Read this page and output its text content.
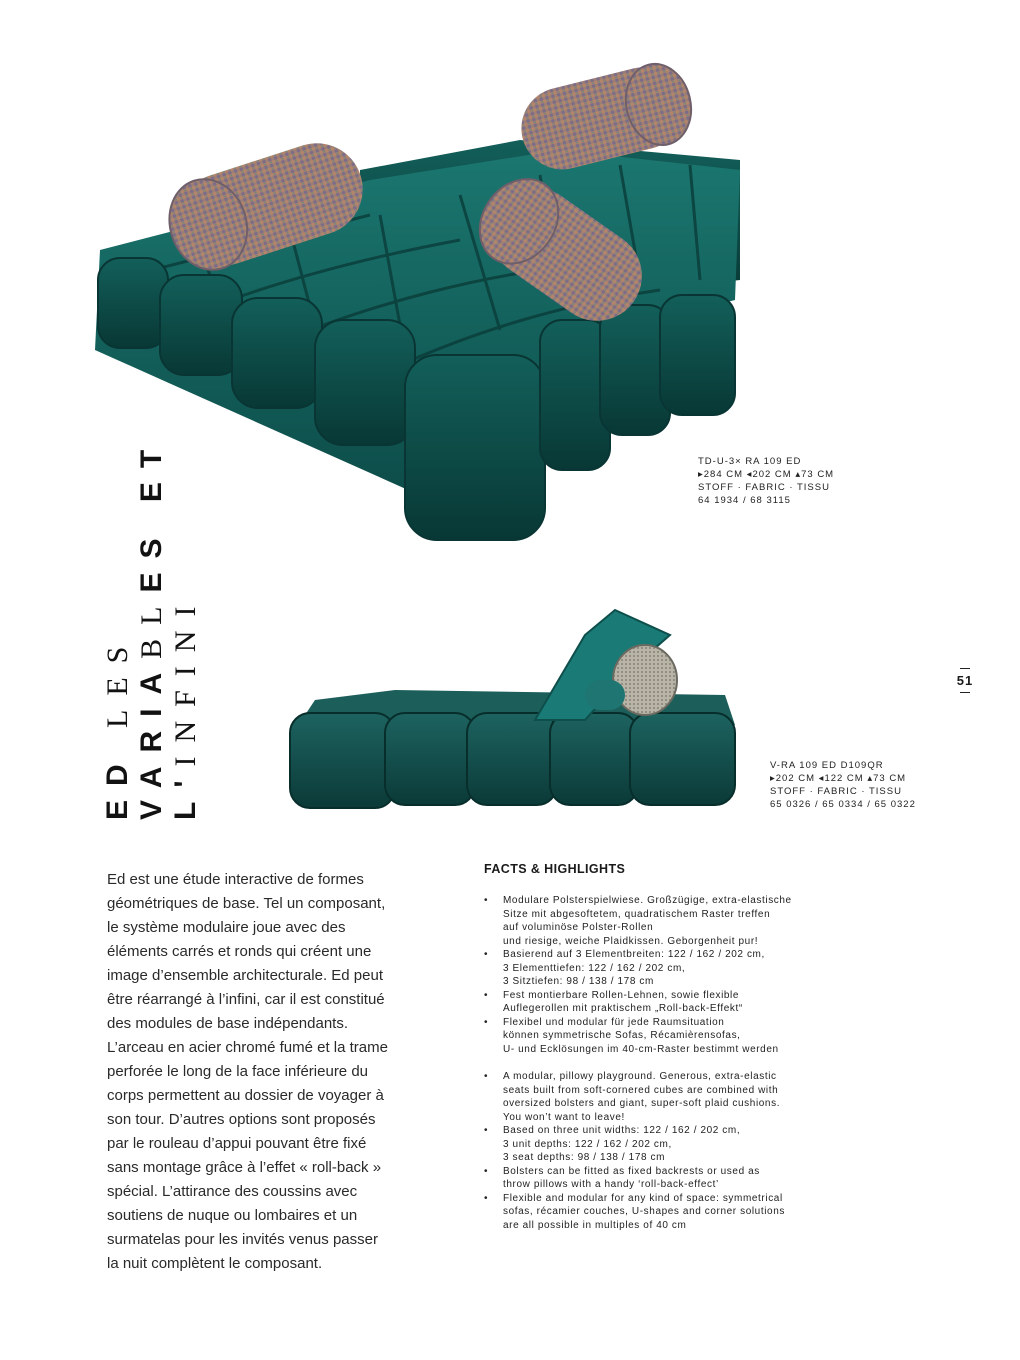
ED LES VARIABLES ET
L'INFINI
TD-U-3× RA 109 ED
▸284 CM ◂202 CM ▴73 CM
STOFF · FABRIC · TISSU
64 1934 / 68 3115
V-RA 109 ED D109QR
▸202 CM ◂122 CM ▴73 CM
STOFF · FABRIC · TISSU
65 0326 / 65 0334 / 65 0322
51
Ed est une étude interactive de formes
géométriques de base. Tel un composant,
le système modulaire joue avec des
éléments carrés et ronds qui créent une
image d’ensemble architecturale. Ed peut
être réarrangé à l’infini, car il est constitué
des modules de base indépendants.
L’arceau en acier chromé fumé et la trame
perforée le long de la face inférieure du
corps permettent au dossier de voyager à
son tour. D’autres options sont proposés
par le rouleau d’appui pouvant être fixé
sans montage grâce à l’effet « roll-back »
spécial. L’attirance des coussins avec
soutiens de nuque ou lombaires et un
surmatelas pour les invités venus passer
la nuit complètent le composant.
FACTS & HIGHLIGHTS
• Modulare Polsterspielwiese. Großzügige, extra-elastische
Sitze mit abgesoftetem, quadratischem Raster treffen
auf voluminöse Polster-Rollen
und riesige, weiche Plaidkissen. Geborgenheit pur!
• Basierend auf 3 Elementbreiten: 122 / 162 / 202 cm,
3 Elementtiefen: 122 / 162 / 202 cm,
3 Sitztiefen: 98 / 138 / 178 cm
• Fest montierbare Rollen-Lehnen, sowie flexible
Auflegerollen mit praktischem „Roll-back-Effekt“
• Flexibel und modular für jede Raumsituation
können symmetrische Sofas, Récamièrensofas,
U- und Ecklösungen im 40-cm-Raster bestimmt werden
• A modular, pillowy playground. Generous, extra-elastic
seats built from soft-cornered cubes are combined with
oversized bolsters and giant, super-soft plaid cushions.
You won’t want to leave!
• Based on three unit widths: 122 / 162 / 202 cm,
3 unit depths: 122 / 162 / 202 cm,
3 seat depths: 98 / 138 / 178 cm
• Bolsters can be fitted as fixed backrests or used as
throw pillows with a handy ‘roll-back-effect’
• Flexible and modular for any kind of space: symmetrical
sofas, récamier couches, U-shapes and corner solutions
are all possible in multiples of 40 cm
